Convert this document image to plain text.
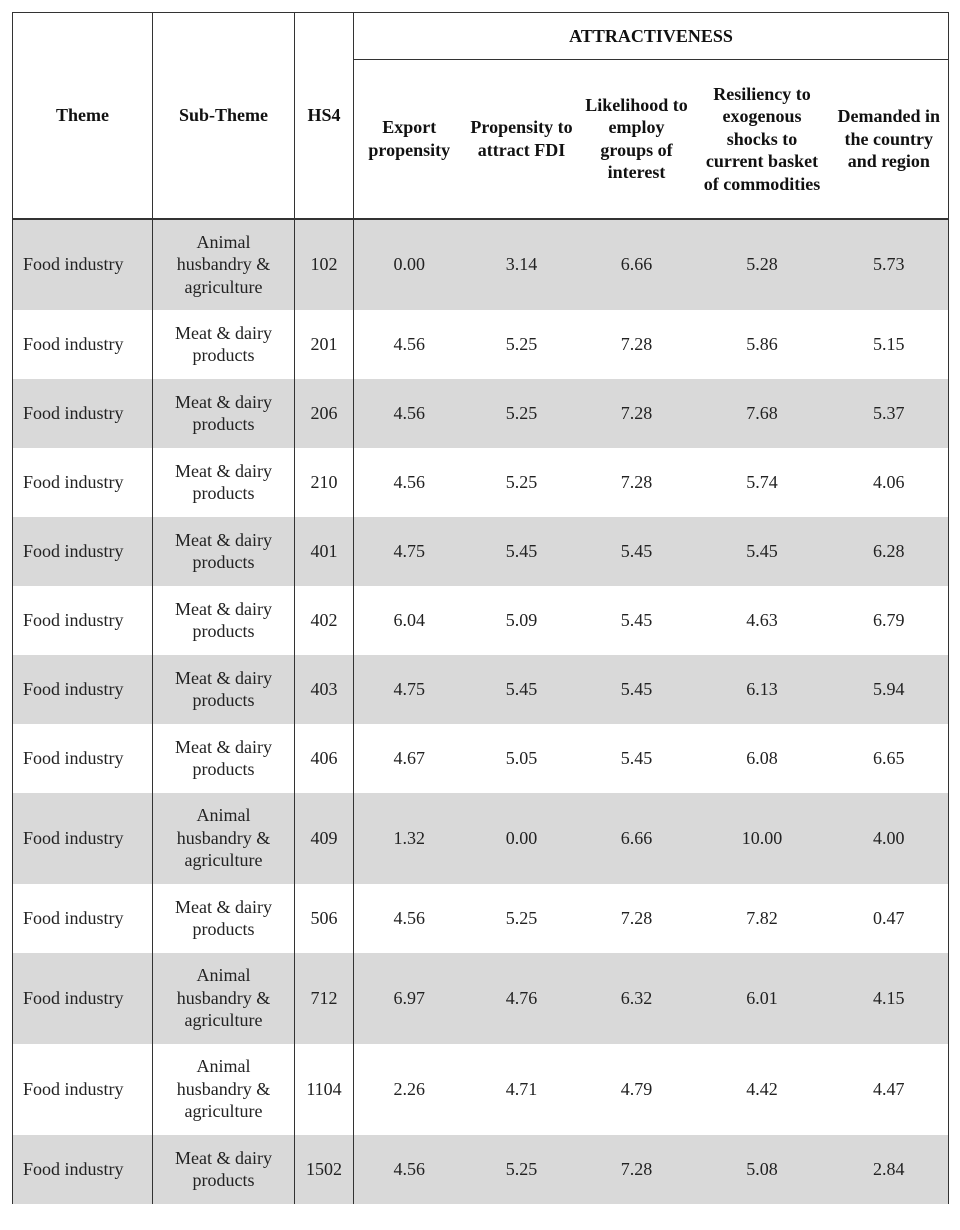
Theme	Sub-Theme	HS4	ATTRACTIVENESS				
			Export propensity	Propensity to attract FDI	Likelihood to employ groups of interest	Resiliency to exogenous shocks to current basket of commodities	Demanded in the country and region
Food industry	Animal husbandry & agriculture	102	0.00	3.14	6.66	5.28	5.73
Food industry	Meat & dairy products	201	4.56	5.25	7.28	5.86	5.15
Food industry	Meat & dairy products	206	4.56	5.25	7.28	7.68	5.37
Food industry	Meat & dairy products	210	4.56	5.25	7.28	5.74	4.06
Food industry	Meat & dairy products	401	4.75	5.45	5.45	5.45	6.28
Food industry	Meat & dairy products	402	6.04	5.09	5.45	4.63	6.79
Food industry	Meat & dairy products	403	4.75	5.45	5.45	6.13	5.94
Food industry	Meat & dairy products	406	4.67	5.05	5.45	6.08	6.65
Food industry	Animal husbandry & agriculture	409	1.32	0.00	6.66	10.00	4.00
Food industry	Meat & dairy products	506	4.56	5.25	7.28	7.82	0.47
Food industry	Animal husbandry & agriculture	712	6.97	4.76	6.32	6.01	4.15
Food industry	Animal husbandry & agriculture	1104	2.26	4.71	4.79	4.42	4.47
Food industry	Meat & dairy products	1502	4.56	5.25	7.28	5.08	2.84
